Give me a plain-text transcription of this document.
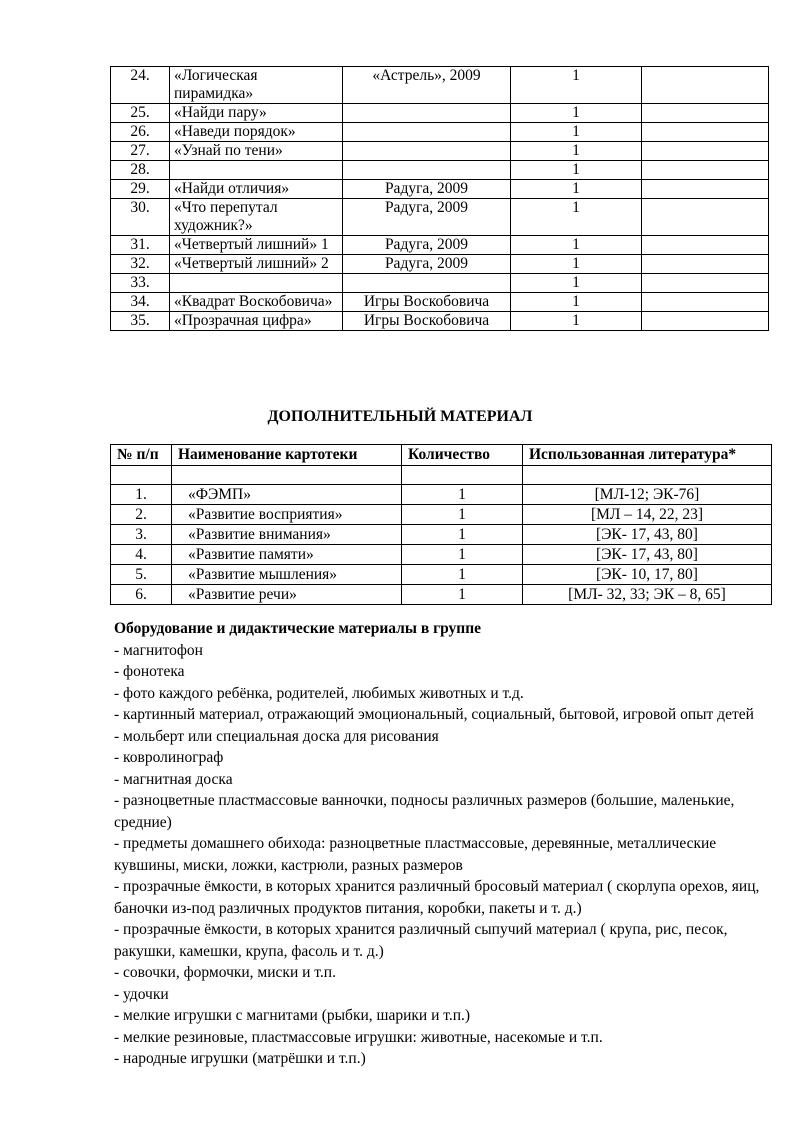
24.	«Логическая пирамидка»	«Астрель», 2009	1	
25.	«Найди пару»		1	
26.	«Наведи порядок»		1	
27.	«Узнай по тени»		1	
28.			1	
29.	«Найди отличия»	Радуга, 2009	1	
30.	«Что перепутал художник?»	Радуга, 2009	1	
31.	«Четвертый лишний» 1	Радуга, 2009	1	
32.	«Четвертый лишний» 2	Радуга, 2009	1	
33.			1	
34.	«Квадрат Воскобовича»	Игры Воскобовича	1	
35.	«Прозрачная цифра»	Игры Воскобовича	1	
ДОПОЛНИТЕЛЬНЫЙ МАТЕРИАЛ
№ п/п	Наименование картотеки	Количество	Использованная литература*

1.	«ФЭМП»	1	[МЛ-12; ЭК-76]
2.	«Развитие восприятия»	1	[МЛ – 14, 22, 23]
3.	«Развитие внимания»	1	[ЭК- 17, 43, 80]
4.	«Развитие памяти»	1	[ЭК- 17, 43, 80]
5.	«Развитие мышления»	1	[ЭК- 10, 17, 80]
6.	«Развитие речи»	1	[МЛ- 32, 33; ЭК – 8, 65]
Оборудование и дидактические материалы в группе

- магнитофон

- фонотека

- фото каждого ребёнка, родителей, любимых животных и т.д.

- картинный материал, отражающий эмоциональный, социальный, бытовой, игровой опыт детей

- мольберт или специальная доска для рисования

- ковролинограф

- магнитная доска

- разноцветные пластмассовые ванночки, подносы различных размеров (большие, маленькие, средние)

- предметы домашнего обихода: разноцветные пластмассовые, деревянные, металлические кувшины, миски, ложки, кастрюли, разных размеров

- прозрачные ёмкости, в которых хранится различный бросовый материал ( скорлупа орехов, яиц, баночки из-под различных продуктов питания, коробки, пакеты и т. д.)

- прозрачные ёмкости, в которых хранится различный сыпучий материал ( крупа, рис, песок, ракушки, камешки, крупа, фасоль и т. д.)

- совочки, формочки, миски и т.п.

- удочки

- мелкие игрушки с магнитами (рыбки, шарики и т.п.)

- мелкие резиновые, пластмассовые игрушки: животные, насекомые и т.п.

- народные игрушки (матрёшки и т.п.)
